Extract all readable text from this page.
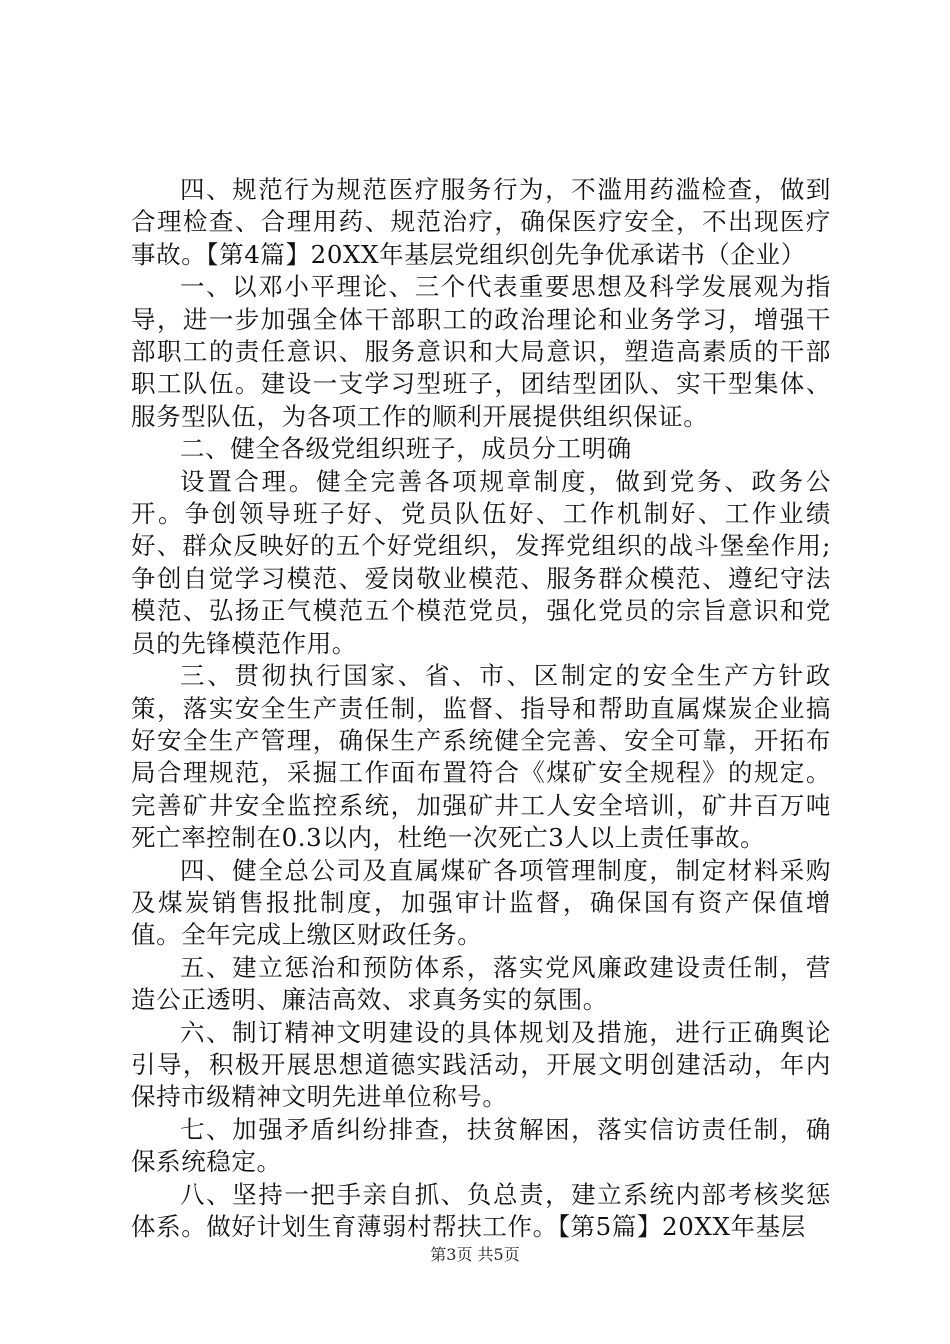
四、规范行为规范医疗服务行为，不滥用药滥检查，做到合理检查、合理用药、规范治疗，确保医疗安全，不出现医疗事故。【第4篇】20XX年基层党组织创先争优承诺书（企业）

一、以邓小平理论、三个代表重要思想及科学发展观为指导，进一步加强全体干部职工的政治理论和业务学习，增强干部职工的责任意识、服务意识和大局意识，塑造高素质的干部职工队伍。建设一支学习型班子，团结型团队、实干型集体、服务型队伍，为各项工作的顺利开展提供组织保证。

二、健全各级党组织班子，成员分工明确

设置合理。健全完善各项规章制度，做到党务、政务公开。争创领导班子好、党员队伍好、工作机制好、工作业绩好、群众反映好的五个好党组织，发挥党组织的战斗堡垒作用;争创自觉学习模范、爱岗敬业模范、服务群众模范、遵纪守法模范、弘扬正气模范五个模范党员，强化党员的宗旨意识和党员的先锋模范作用。

三、贯彻执行国家、省、市、区制定的安全生产方针政策，落实安全生产责任制，监督、指导和帮助直属煤炭企业搞好安全生产管理，确保生产系统健全完善、安全可靠，开拓布局合理规范，采掘工作面布置符合《煤矿安全规程》的规定。完善矿井安全监控系统，加强矿井工人安全培训，矿井百万吨死亡率控制在0.3以内，杜绝一次死亡3人以上责任事故。

四、健全总公司及直属煤矿各项管理制度，制定材料采购及煤炭销售报批制度，加强审计监督，确保国有资产保值增值。全年完成上缴区财政任务。

五、建立惩治和预防体系，落实党风廉政建设责任制，营造公正透明、廉洁高效、求真务实的氛围。

六、制订精神文明建设的具体规划及措施，进行正确舆论引导，积极开展思想道德实践活动，开展文明创建活动，年内保持市级精神文明先进单位称号。

七、加强矛盾纠纷排查，扶贫解困，落实信访责任制，确保系统稳定。

八、坚持一把手亲自抓、负总责，建立系统内部考核奖惩体系。做好计划生育薄弱村帮扶工作。【第5篇】20XX年基层

第3页 共5页
